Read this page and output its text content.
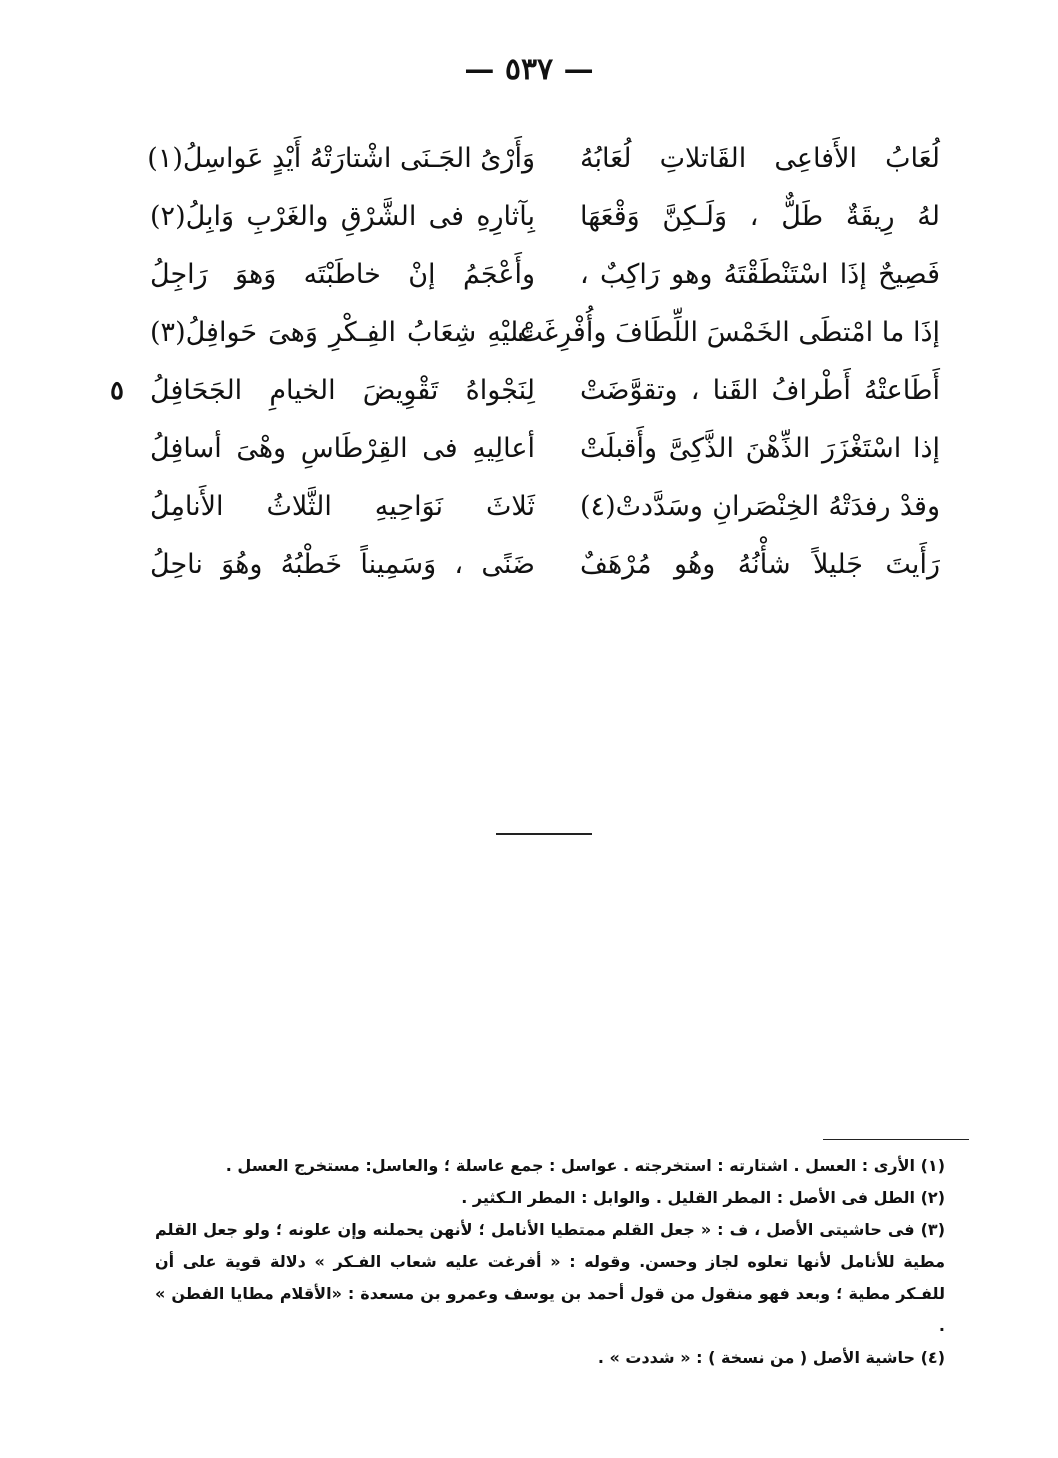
— ٥٣٧ —
لُعَابُ الأَفاعِى القَاتلاتِ لُعَابُهُ
وَأَرْىُ الجَـنَى اشْتارَتْهُ أَيْدٍ عَواسِلُ(١)
لهُ رِيقَةٌ طَلٌّ ، وَلَـكِنَّ وَقْعَهَا
بِآثارِهِ فى الشَّرْقِ والغَرْبِ وَابِلُ(٢)
فَصِيحٌ إذَا اسْتَنْطَقْتَهُ وهو رَاكِبٌ ،
وأَعْجَمُ إنْ خاطَبْتَه وَهوَ رَاجِلُ
إذَا ما امْتطَى الخَمْسَ اللِّطَافَ وأُفْرِغَتْ
عليْهِ شِعَابُ الفِـكْرِ وَهىَ حَوافِلُ(٣)
أَطَاعتْهُ أَطْرافُ القَنا ، وتقوَّضَتْ
لِنَجْواهُ تَقْوِيضَ الخيامِ الجَحَافِلُ
٥
إذا اسْتَغْزَرَ الذِّهْنَ الذَّكِىَّ وأَقبلَتْ
أعالِيهِ فى القِرْطَاسِ وهْىَ أسافِلُ
وقدْ رفدَتْهُ الخِنْصَرانِ وسَدَّدتْ(٤)
ثَلاثَ نَوَاحِيهِ الثَّلاثُ الأَنامِلُ
رَأَيتَ جَليلاً شأْنُهُ وهُو مُرْهَفٌ
ضَنًى ، وَسَمِيناً خَطْبُهُ وهُوَ ناحِلُ
(١) الأرى : العسل . اشتارته : استخرجته . عواسل : جمع عاسلة ؛ والعاسل: مستخرج العسل .
(٢) الطل فى الأصل : المطر القليل . والوابل : المطر الـكثير .
(٣) فى حاشيتى الأصل ، ف : « جعل القلم ممتطيا الأنامل ؛ لأنهن يحملنه وإن علونه ؛ ولو جعل القلم مطية للأنامل لأنها تعلوه لجاز وحسن. وقوله : « أفرغت عليه شعاب الفـكر » دلالة قوية على أن للفـكر مطية ؛ وبعد فهو منقول من قول أحمد بن يوسف وعمرو بن مسعدة : «الأقلام مطايا الفطن » .
(٤) حاشية الأصل ( من نسخة ) : « شددت » .
